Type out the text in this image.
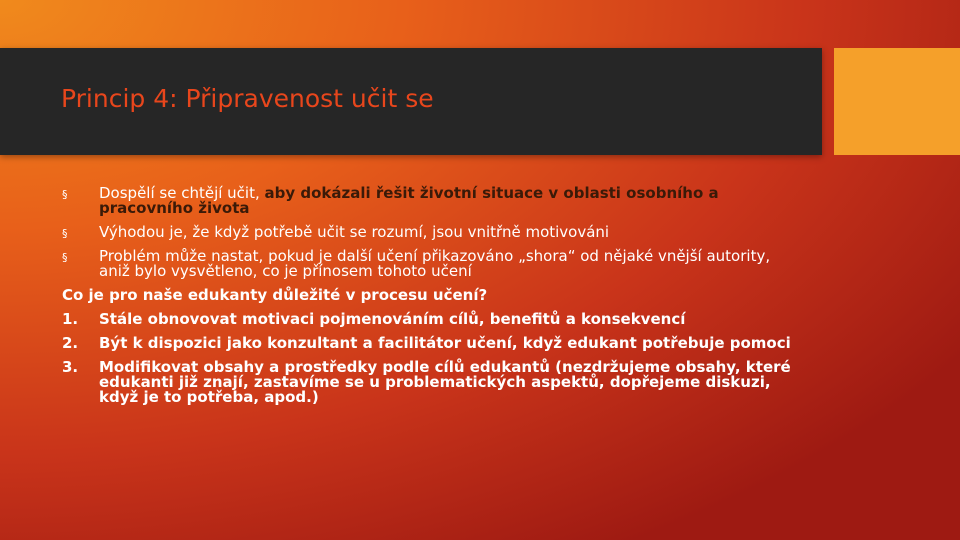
Princip 4: Připravenost učit se
§ Dospělí se chtějí učit, aby dokázali řešit životní situace v oblasti osobního a pracovního života
§ Výhodou je, že když potřebě učit se rozumí, jsou vnitřně motivováni
§ Problém může nastat, pokud je další učení přikazováno „shora“ od nějaké vnější autority, aniž bylo vysvětleno, co je přínosem tohoto učení
Co je pro naše edukanty důležité v procesu učení?
1. Stále obnovovat motivaci pojmenováním cílů, benefitů a konsekvencí
2. Být k dispozici jako konzultant a facilitátor učení, když edukant potřebuje pomoci
3. Modifikovat obsahy a prostředky podle cílů edukantů (nezdržujeme obsahy, které edukanti již znají, zastavíme se u problematických aspektů, dopřejeme diskuzi, když je to potřeba, apod.)
